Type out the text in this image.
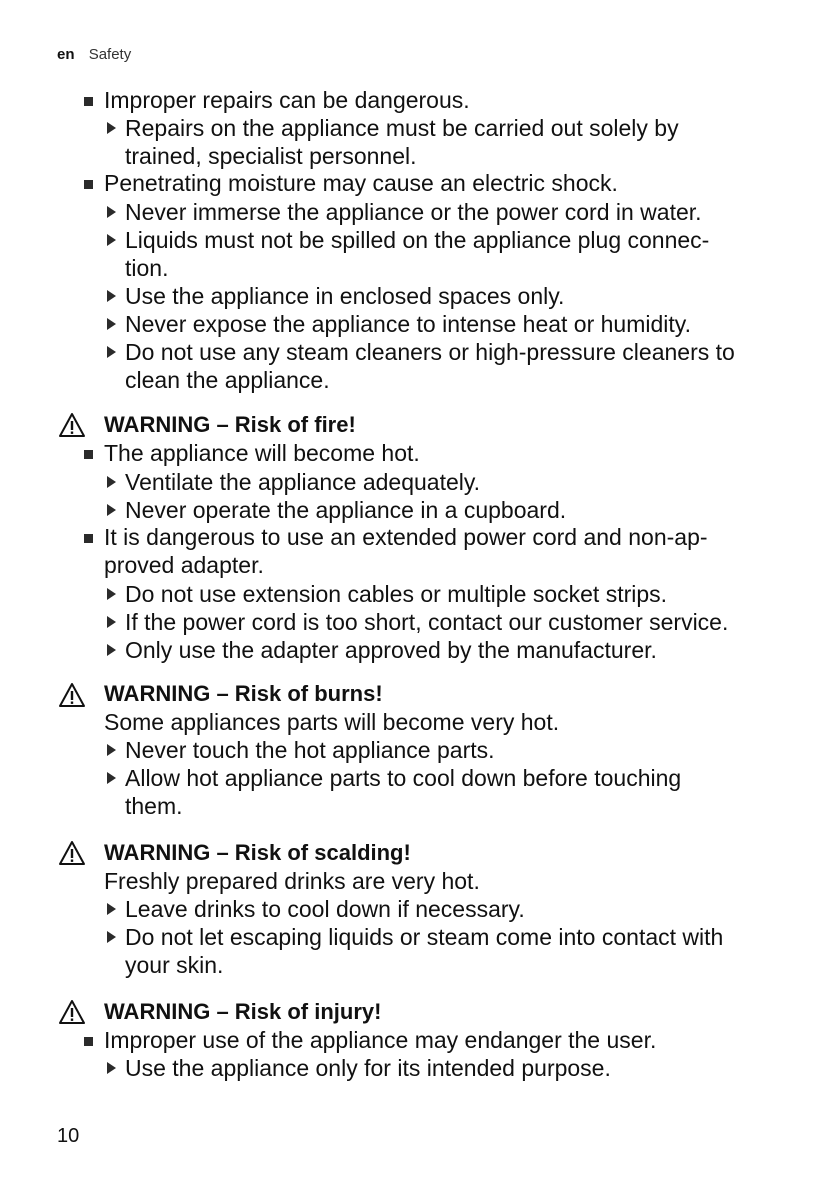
en Safety
Improper repairs can be dangerous.
Repairs on the appliance must be carried out solely by
trained, specialist personnel.
Penetrating moisture may cause an electric shock.
Never immerse the appliance or the power cord in water.
Liquids must not be spilled on the appliance plug connec-
tion.
Use the appliance in enclosed spaces only.
Never expose the appliance to intense heat or humidity.
Do not use any steam cleaners or high-pressure cleaners to
clean the appliance.
WARNING – Risk of fire!
The appliance will become hot.
Ventilate the appliance adequately.
Never operate the appliance in a cupboard.
It is dangerous to use an extended power cord and non-ap-
proved adapter.
Do not use extension cables or multiple socket strips.
If the power cord is too short, contact our customer service.
Only use the adapter approved by the manufacturer.
WARNING – Risk of burns!
Some appliances parts will become very hot.
Never touch the hot appliance parts.
Allow hot appliance parts to cool down before touching
them.
WARNING – Risk of scalding!
Freshly prepared drinks are very hot.
Leave drinks to cool down if necessary.
Do not let escaping liquids or steam come into contact with
your skin.
WARNING – Risk of injury!
Improper use of the appliance may endanger the user.
Use the appliance only for its intended purpose.
10
